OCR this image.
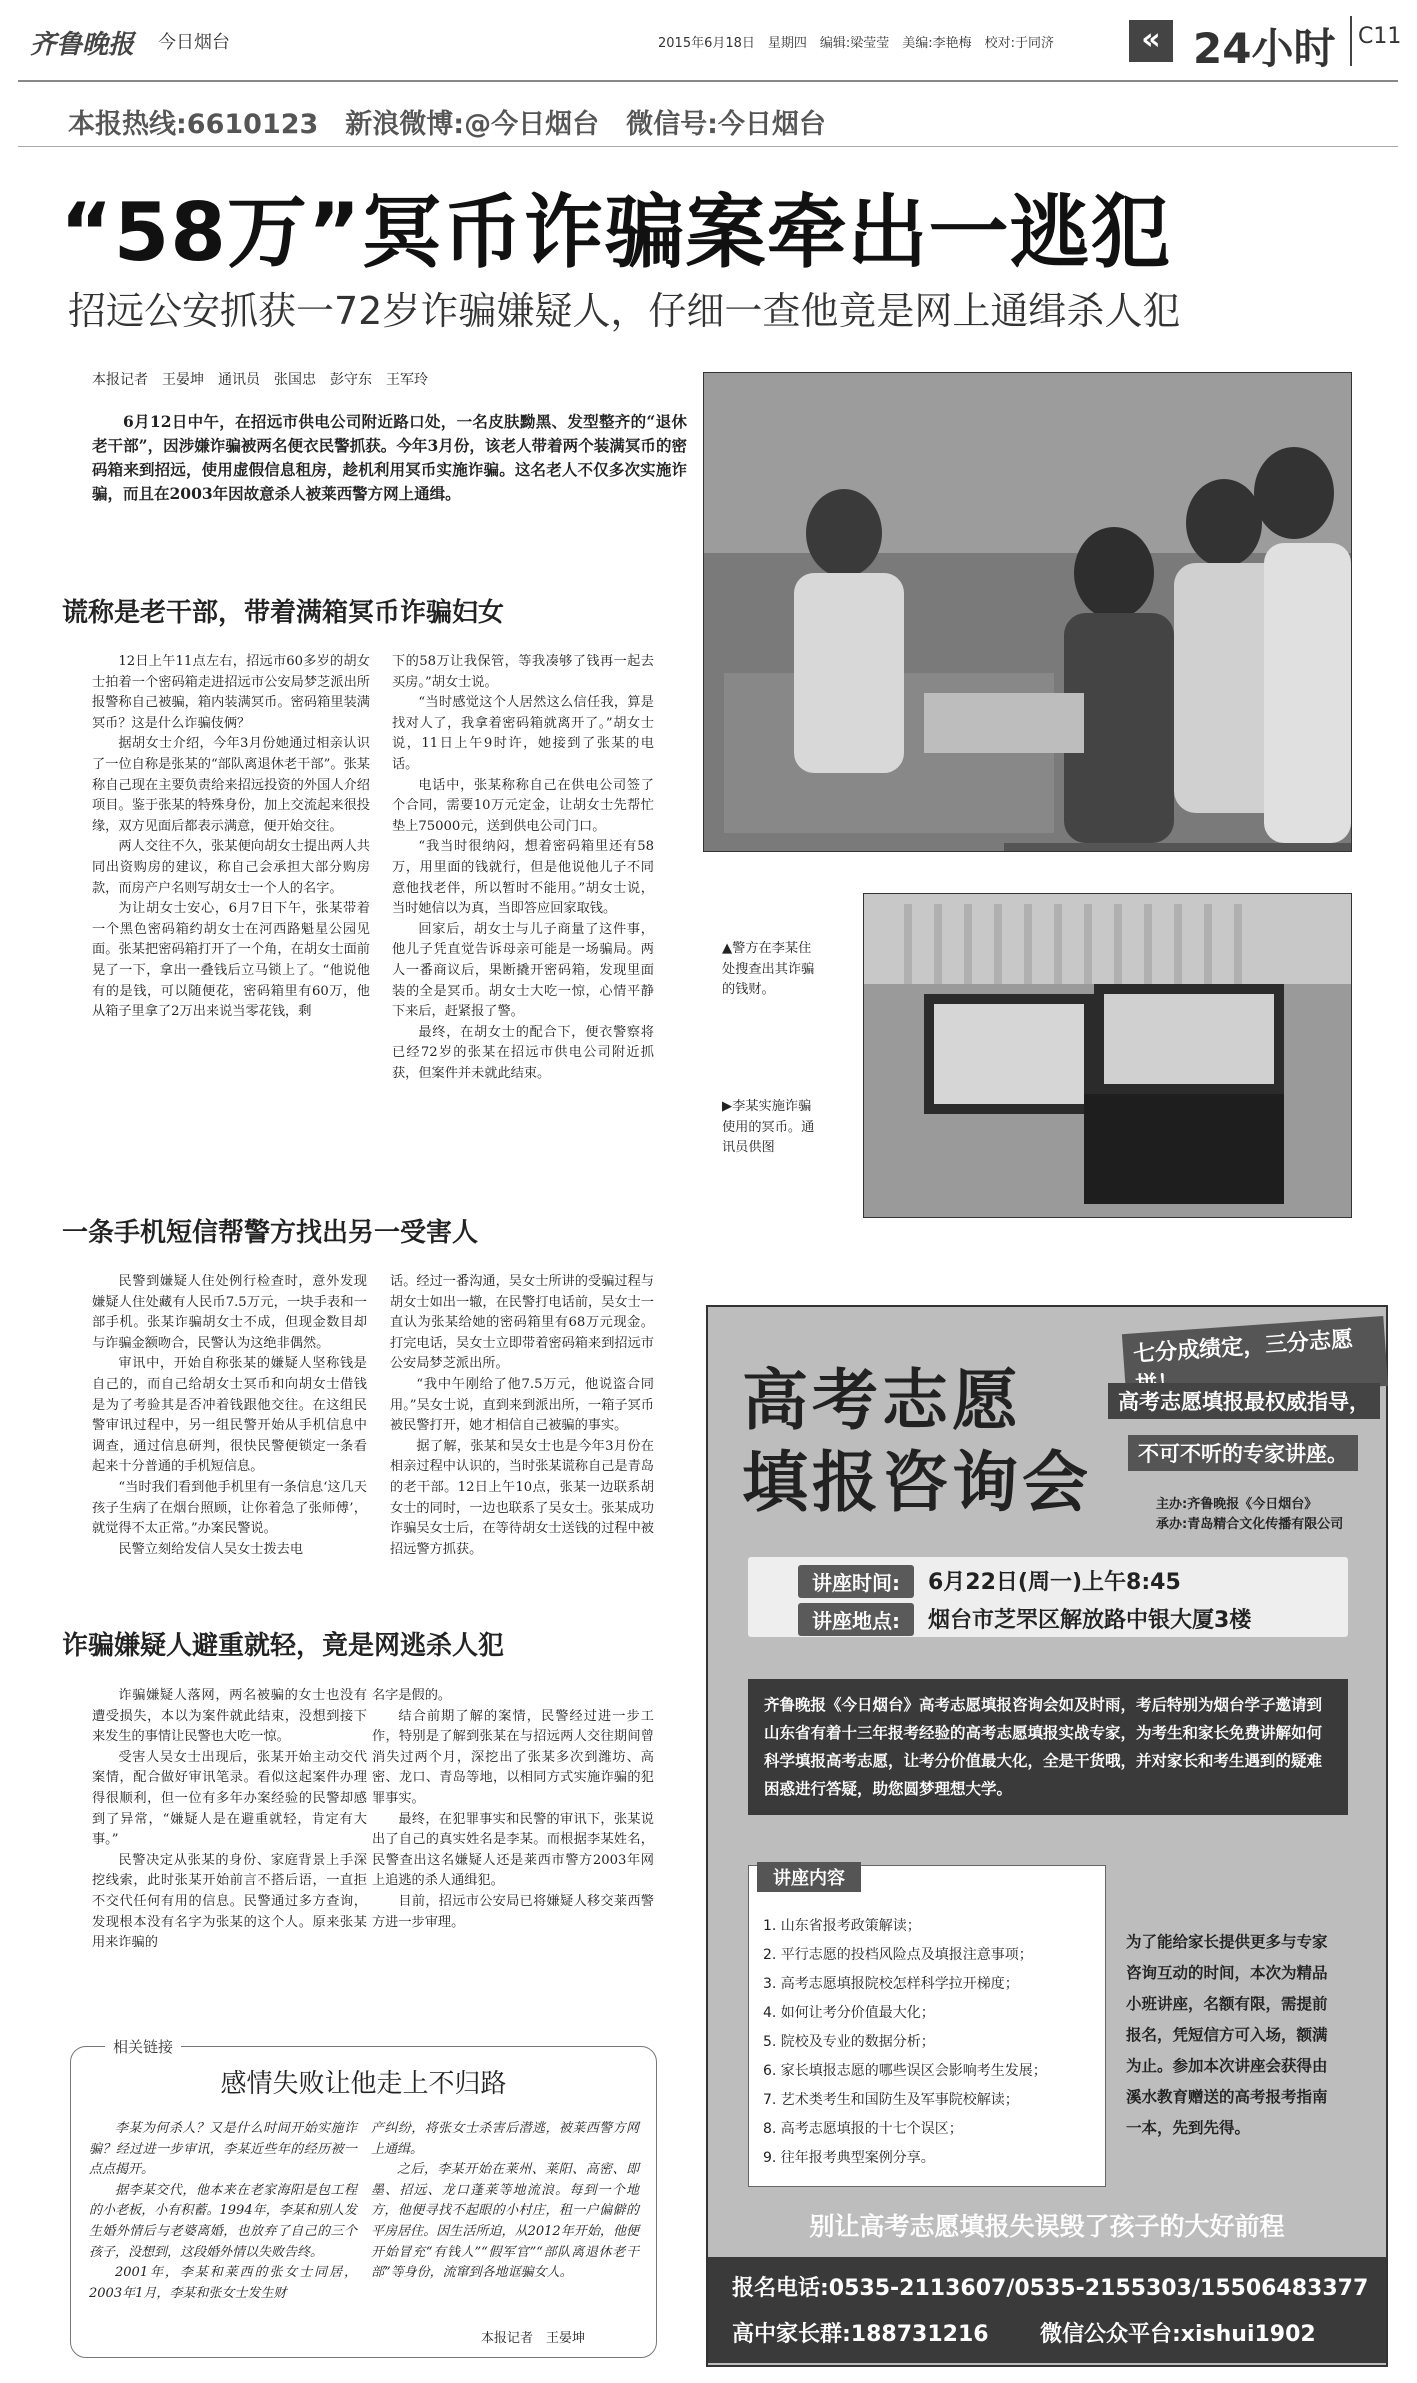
齐鲁晚报 今日烟台	2015年6月18日　星期四　编辑:梁莹莹　美编:李艳梅　校对:于同济	« 24小时 C11
本报热线:6610123　新浪微博:@今日烟台　微信号:今日烟台
“58万”冥币诈骗案牵出一逃犯
招远公安抓获一72岁诈骗嫌疑人，仔细一查他竟是网上通缉杀人犯
本报记者　王晏坤　通讯员　张国忠　彭守东　王军玲

6月12日中午，在招远市供电公司附近路口处，一名皮肤黝黑、发型整齐的“退休老干部”，因涉嫌诈骗被两名便衣民警抓获。今年3月份，该老人带着两个装满冥币的密码箱来到招远，使用虚假信息租房，趁机利用冥币实施诈骗。这名老人不仅多次实施诈骗，而且在2003年因故意杀人被莱西警方网上通缉。

谎称是老干部，带着满箱冥币诈骗妇女

12日上午11点左右，招远市60多岁的胡女士拍着一个密码箱走进招远市公安局梦芝派出所报警称自己被骗，箱内装满冥币。密码箱里装满冥币？这是什么诈骗伎俩？

据胡女士介绍，今年3月份她通过相亲认识了一位自称是张某的“部队离退休老干部”。张某称自己现在主要负责给来招远投资的外国人介绍项目。鉴于张某的特殊身份，加上交流起来很投缘，双方见面后都表示满意，便开始交往。

两人交往不久，张某便向胡女士提出两人共同出资购房的建议，称自己会承担大部分购房款，而房产户名则写胡女士一个人的名字。

为让胡女士安心，6月7日下午，张某带着一个黑色密码箱约胡女士在河西路魁星公园见面。张某把密码箱打开了一个角，在胡女士面前晃了一下，拿出一叠钱后立马锁上了。“他说他有的是钱，可以随便花，密码箱里有60万，他从箱子里拿了2万出来说当零花钱，剩

下的58万让我保管，等我凑够了钱再一起去买房。”胡女士说。

“当时感觉这个人居然这么信任我，算是找对人了，我拿着密码箱就离开了。”胡女士说，11日上午9时许，她接到了张某的电话。

电话中，张某称称自己在供电公司签了个合同，需要10万元定金，让胡女士先帮忙垫上75000元，送到供电公司门口。

“我当时很纳闷，想着密码箱里还有58万，用里面的钱就行，但是他说他儿子不同意他找老伴，所以暂时不能用。”胡女士说，当时她信以为真，当即答应回家取钱。

回家后，胡女士与儿子商量了这件事，他儿子凭直觉告诉母亲可能是一场骗局。两人一番商议后，果断撬开密码箱，发现里面装的全是冥币。胡女士大吃一惊，心情平静下来后，赶紧报了警。

最终，在胡女士的配合下，便衣警察将已经72岁的张某在招远市供电公司附近抓获，但案件并未就此结束。

▲警方在李某住处搜查出其诈骗的钱财。
▶李某实施诈骗使用的冥币。通讯员供图
一条手机短信帮警方找出另一受害人

民警到嫌疑人住处例行检查时，意外发现嫌疑人住处藏有人民币7.5万元，一块手表和一部手机。张某诈骗胡女士不成，但现金数目却与诈骗金额吻合，民警认为这绝非偶然。

审讯中，开始自称张某的嫌疑人坚称钱是自己的，而自己给胡女士冥币和向胡女士借钱是为了考验其是否冲着钱跟他交往。在这组民警审讯过程中，另一组民警开始从手机信息中调查，通过信息研判，很快民警便锁定一条看起来十分普通的手机短信息。

“当时我们看到他手机里有一条信息‘这几天孩子生病了在烟台照顾，让你着急了张师傅’，就觉得不太正常。”办案民警说。

民警立刻给发信人吴女士拨去电

话。经过一番沟通，吴女士所讲的受骗过程与胡女士如出一辙，在民警打电话前，吴女士一直认为张某给她的密码箱里有68万元现金。打完电话，吴女士立即带着密码箱来到招远市公安局梦芝派出所。

“我中午刚给了他7.5万元，他说盗合同用。”吴女士说，直到来到派出所，一箱子冥币被民警打开，她才相信自己被骗的事实。

据了解，张某和吴女士也是今年3月份在相亲过程中认识的，当时张某谎称自己是青岛的老干部。12日上午10点，张某一边联系胡女士的同时，一边也联系了吴女士。张某成功诈骗吴女士后，在等待胡女士送钱的过程中被招远警方抓获。

诈骗嫌疑人避重就轻，竟是网逃杀人犯

诈骗嫌疑人落网，两名被骗的女士也没有遭受损失，本以为案件就此结束，没想到接下来发生的事情让民警也大吃一惊。

受害人吴女士出现后，张某开始主动交代案情，配合做好审讯笔录。看似这起案件办理得很顺利，但一位有多年办案经验的民警却感到了异常，“嫌疑人是在避重就轻，肯定有大事。”

民警决定从张某的身份、家庭背景上手深挖线索，此时张某开始前言不搭后语，一直拒不交代任何有用的信息。民警通过多方查询，发现根本没有名字为张某的这个人。原来张某用来诈骗的

名字是假的。

结合前期了解的案情，民警经过进一步工作，特别是了解到张某在与招远两人交往期间曾消失过两个月，深挖出了张某多次到潍坊、高密、龙口、青岛等地，以相同方式实施诈骗的犯罪事实。

最终，在犯罪事实和民警的审讯下，张某说出了自己的真实姓名是李某。而根据李某姓名，民警查出这名嫌疑人还是莱西市警方2003年网上追逃的杀人通缉犯。

目前，招远市公安局已将嫌疑人移交莱西警方进一步审理。

相关链接
感情失败让他走上不归路

李某为何杀人？又是什么时间开始实施诈骗？经过进一步审讯，李某近些年的经历被一点点揭开。

据李某交代，他本来在老家海阳是包工程的小老板，小有积蓄。1994年，李某和别人发生婚外情后与老婆离婚，也放弃了自己的三个孩子，没想到，这段婚外情以失败告终。

2001年，李某和莱西的张女士同居，2003年1月，李某和张女士发生财

产纠纷，将张女士杀害后潜逃，被莱西警方网上通缉。

之后，李某开始在莱州、莱阳、高密、即墨、招远、龙口蓬莱等地流浪。每到一个地方，他便寻找不起眼的小村庄，租一户偏僻的平房居住。因生活所迫，从2012年开始，他便开始冒充“有钱人”“假军官”“部队离退休老干部”等身份，流窜到各地诓骗女人。

本报记者　王晏坤
高考志愿
填报咨询会
七分成绩定，三分志愿拼！
高考志愿填报最权威指导，
不可不听的专家讲座。
主办:齐鲁晚报《今日烟台》
承办:青岛精合文化传播有限公司
讲座时间:	6月22日(周一)上午8:45
讲座地点:	烟台市芝罘区解放路中银大厦3楼
齐鲁晚报《今日烟台》高考志愿填报咨询会如及时雨，考后特别为烟台学子邀请到山东省有着十三年报考经验的高考志愿填报实战专家，为考生和家长免费讲解如何科学填报高考志愿，让考分价值最大化，全是干货哦，并对家长和考生遇到的疑难困惑进行答疑，助您圆梦理想大学。
讲座内容
1. 山东省报考政策解读；
2. 平行志愿的投档风险点及填报注意事项；
3. 高考志愿填报院校怎样科学拉开梯度；
4. 如何让考分价值最大化；
5. 院校及专业的数据分析；
6. 家长填报志愿的哪些误区会影响考生发展；
7. 艺术类考生和国防生及军事院校解读；
8. 高考志愿填报的十七个误区；
9. 往年报考典型案例分享。
为了能给家长提供更多与专家咨询互动的时间，本次为精品小班讲座，名额有限，需提前报名，凭短信方可入场，额满为止。参加本次讲座会获得由溪水教育赠送的高考报考指南一本，先到先得。
别让高考志愿填报失误毁了孩子的大好前程
报名电话:0535-2113607/0535-2155303/15506483377
高中家长群:188731216 微信公众平台:xishui1902
